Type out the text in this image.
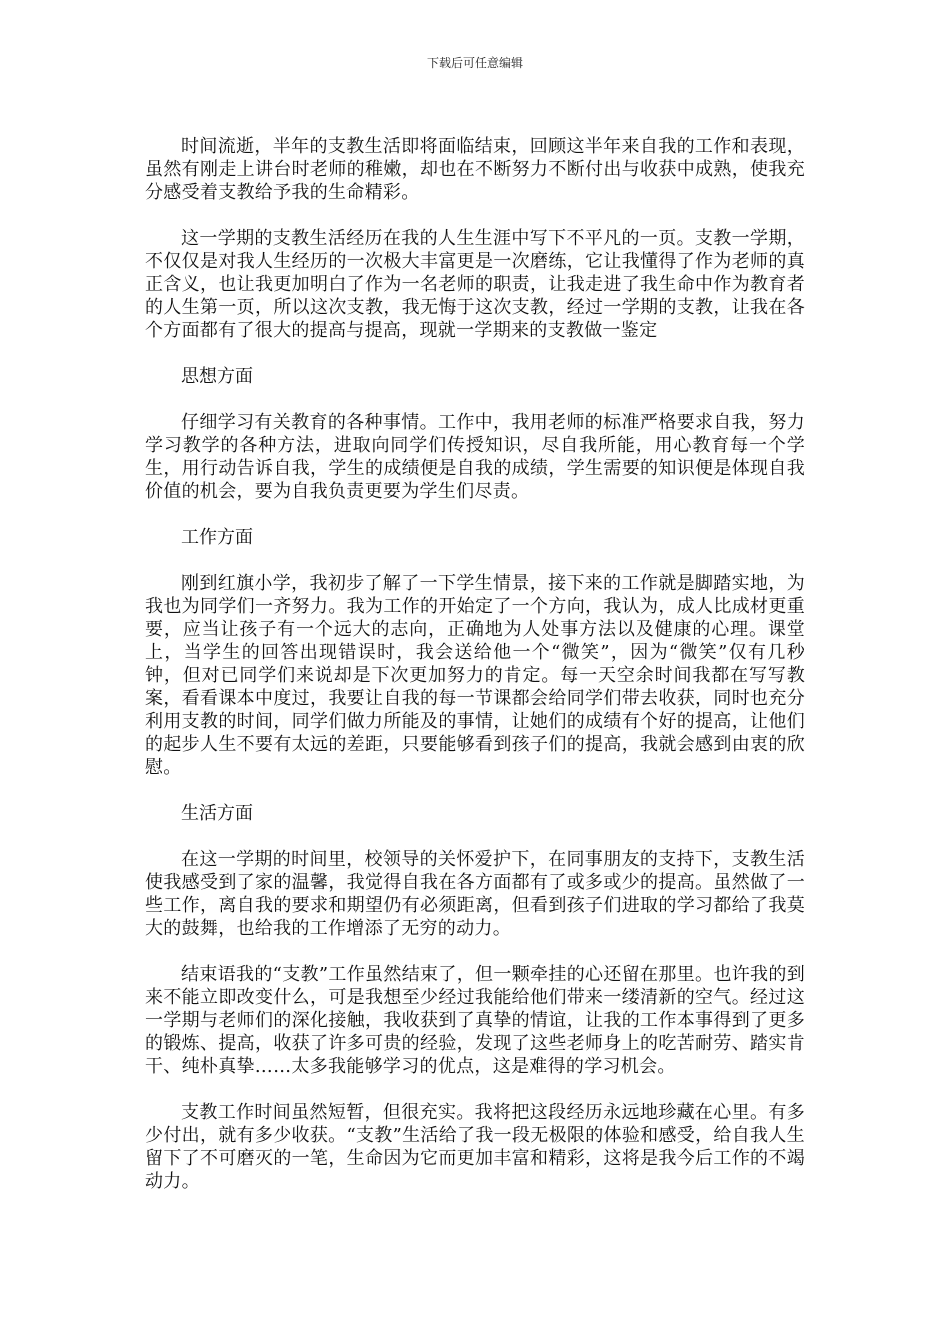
下载后可任意编辑

时间流逝，半年的支教生活即将面临结束，回顾这半年来自我的工作和表现，虽然有刚走上讲台时老师的稚嫩，却也在不断努力不断付出与收获中成熟，使我充分感受着支教给予我的生命精彩。

这一学期的支教生活经历在我的人生生涯中写下不平凡的一页。支教一学期，不仅仅是对我人生经历的一次极大丰富更是一次磨练，它让我懂得了作为老师的真正含义，也让我更加明白了作为一名老师的职责，让我走进了我生命中作为教育者的人生第一页，所以这次支教，我无悔于这次支教，经过一学期的支教，让我在各个方面都有了很大的提高与提高，现就一学期来的支教做一鉴定

思想方面

仔细学习有关教育的各种事情。工作中，我用老师的标准严格要求自我，努力学习教学的各种方法，进取向同学们传授知识，尽自我所能，用心教育每一个学生，用行动告诉自我，学生的成绩便是自我的成绩，学生需要的知识便是体现自我价值的机会，要为自我负责更要为学生们尽责。

工作方面

刚到红旗小学，我初步了解了一下学生情景，接下来的工作就是脚踏实地，为我也为同学们一齐努力。我为工作的开始定了一个方向，我认为，成人比成材更重要，应当让孩子有一个远大的志向，正确地为人处事方法以及健康的心理。课堂上，当学生的回答出现错误时，我会送给他一个“微笑”，因为“微笑”仅有几秒钟，但对已同学们来说却是下次更加努力的肯定。每一天空余时间我都在写写教案，看看课本中度过，我要让自我的每一节课都会给同学们带去收获，同时也充分利用支教的时间，同学们做力所能及的事情，让她们的成绩有个好的提高，让他们的起步人生不要有太远的差距，只要能够看到孩子们的提高，我就会感到由衷的欣慰。

生活方面

在这一学期的时间里，校领导的关怀爱护下，在同事朋友的支持下，支教生活使我感受到了家的温馨，我觉得自我在各方面都有了或多或少的提高。虽然做了一些工作，离自我的要求和期望仍有必须距离，但看到孩子们进取的学习都给了我莫大的鼓舞，也给我的工作增添了无穷的动力。

结束语我的“支教”工作虽然结束了，但一颗牵挂的心还留在那里。也许我的到来不能立即改变什么，可是我想至少经过我能给他们带来一缕清新的空气。经过这一学期与老师们的深化接触，我收获到了真挚的情谊，让我的工作本事得到了更多的锻炼、提高，收获了许多可贵的经验，发现了这些老师身上的吃苦耐劳、踏实肯干、纯朴真挚……太多我能够学习的优点，这是难得的学习机会。

支教工作时间虽然短暂，但很充实。我将把这段经历永远地珍藏在心里。有多少付出，就有多少收获。“支教”生活给了我一段无极限的体验和感受，给自我人生留下了不可磨灭的一笔，生命因为它而更加丰富和精彩，这将是我今后工作的不竭动力。
